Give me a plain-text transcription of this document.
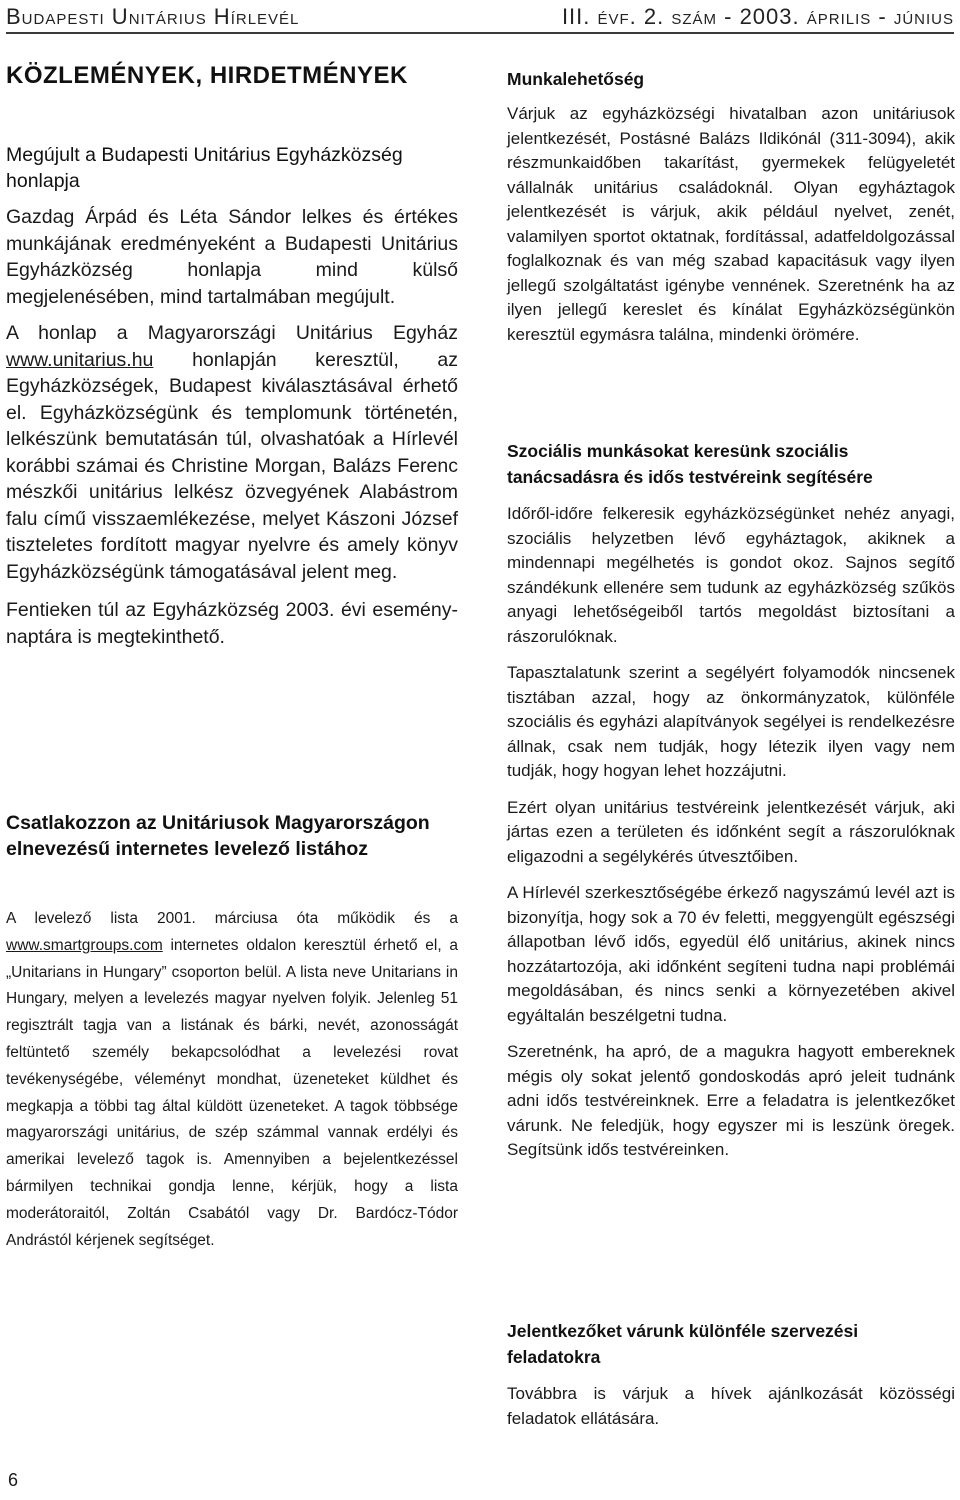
Budapesti Unitárius Hírlevél	III. évf. 2. szám - 2003. április - június
KÖZLEMÉNYEK, HIRDETMÉNYEK
Megújult a Budapesti Unitárius Egyházközség honlapja

Gazdag Árpád és Léta Sándor lelkes és értékes munkájának eredményeként a Budapesti Unitárius Egyházközség honlapja mind külső megjelenésében, mind tartalmában megújult.

A honlap a Magyarországi Unitárius Egyház www.unitarius.hu honlapján keresztül, az Egyházközségek, Budapest kiválasztásával érhető el. Egyházközségünk és templomunk történetén, lelkészünk bemutatásán túl, olvashatóak a Hírlevél korábbi számai és Christine Morgan, Balázs Ferenc mészkői unitárius lelkész özvegyének Alabástrom falu című visszaemlékezése, melyet Kászoni József tiszteletes fordított magyar nyelvre és amely könyv Egyházközségünk támogatásával jelent meg.

Fentieken túl az Egyházközség 2003. évi esemény-naptára is megtekinthető.

Csatlakozzon az Unitáriusok Magyarországon elnevezésű internetes levelező listához

A levelező lista 2001. márciusa óta működik és a www.smartgroups.com internetes oldalon keresztül érhető el, a „Unitarians in Hungary” csoporton belül. A lista neve Unitarians in Hungary, melyen a levelezés magyar nyelven folyik. Jelenleg 51 regisztrált tagja van a listának és bárki, nevét, azonosságát feltüntető személy bekapcsolódhat a levelezési rovat tevékenységébe, véleményt mondhat, üzeneteket küldhet és megkapja a többi tag által küldött üzeneteket. A tagok többsége magyarországi unitárius, de szép számmal vannak erdélyi és amerikai levelező tagok is. Amennyiben a bejelentkezéssel bármilyen technikai gondja lenne, kérjük, hogy a lista moderátoraitól, Zoltán Csabától vagy Dr. Bardócz-Tódor Andrástól kérjenek segítséget.

Munkalehetőség

Várjuk az egyházközségi hivatalban azon unitáriusok jelentkezését, Postásné Balázs Ildikónál (311-3094), akik részmunkaidőben takarítást, gyermekek felügyeletét vállalnák unitárius családoknál. Olyan egyháztagok jelentkezését is várjuk, akik például nyelvet, zenét, valamilyen sportot oktatnak, fordítással, adatfeldolgozással foglalkoznak és van még szabad kapacitásuk vagy ilyen jellegű szolgáltatást igénybe vennének. Szeretnénk ha az ilyen jellegű kereslet és kínálat Egyházközségünkön keresztül egymásra találna, mindenki örömére.

Szociális munkásokat keresünk szociális tanácsadásra és idős testvéreink segítésére

Időről-időre felkeresik egyházközségünket nehéz anyagi, szociális helyzetben lévő egyháztagok, akiknek a mindennapi megélhetés is gondot okoz. Sajnos segítő szándékunk ellenére sem tudunk az egyházközség szűkös anyagi lehetőségeiből tartós megoldást biztosítani a rászorulóknak.

Tapasztalatunk szerint a segélyért folyamodók nincsenek tisztában azzal, hogy az önkormányzatok, különféle szociális és egyházi alapítványok segélyei is rendelkezésre állnak, csak nem tudják, hogy létezik ilyen vagy nem tudják, hogy hogyan lehet hozzájutni.

Ezért olyan unitárius testvéreink jelentkezését várjuk, aki jártas ezen a területen és időnként segít a rászorulóknak eligazodni a segélykérés útvesztőiben.

A Hírlevél szerkesztőségébe érkező nagyszámú levél azt is bizonyítja, hogy sok a 70 év feletti, meggyengült egészségi állapotban lévő idős, egyedül élő unitárius, akinek nincs hozzátartozója, aki időnként segíteni tudna napi problémái megoldásában, és nincs senki a környezetében akivel egyáltalán beszélgetni tudna.

Szeretnénk, ha apró, de a magukra hagyott embereknek mégis oly sokat jelentő gondoskodás apró jeleit tudnánk adni idős testvéreinknek. Erre a feladatra is jelentkezőket várunk. Ne feledjük, hogy egyszer mi is leszünk öregek. Segítsünk idős testvéreinken.

Jelentkezőket várunk különféle szervezési feladatokra

Továbbra is várjuk a hívek ajánlkozását közösségi feladatok ellátására.

6
